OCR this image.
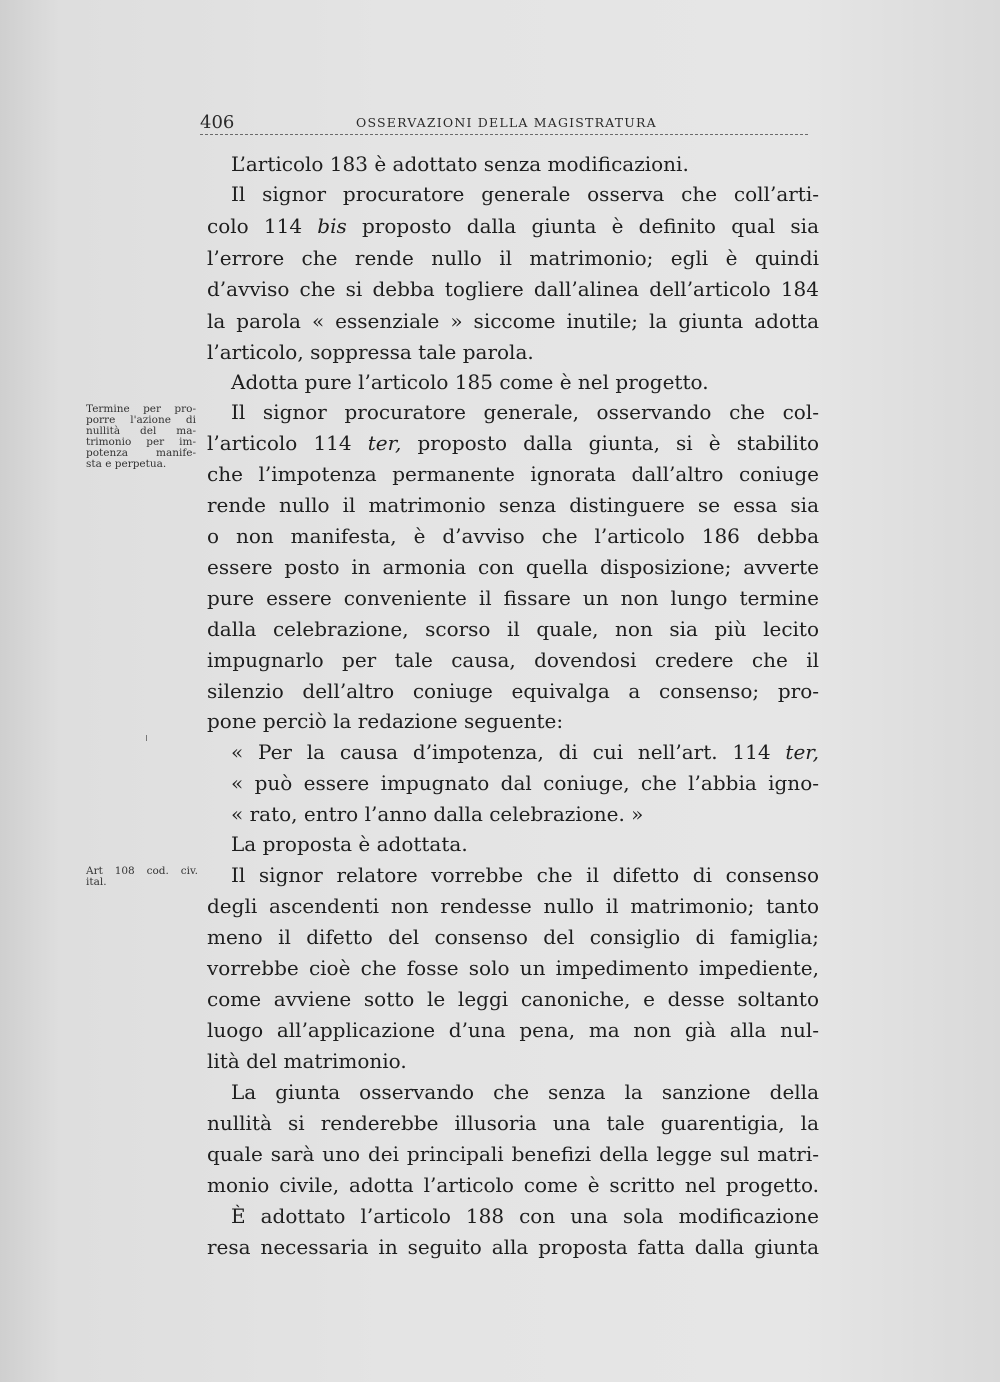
406	OSSERVAZIONI DELLA MAGISTRATURA
Termine per pro-
porre l'azione di
nullità del ma-
trimonio per im-
potenza manife-
sta e perpetua.
Art 108 cod. civ.
ital.
L’articolo 183 è adottato senza modificazioni.
Il signor procuratore generale osserva che coll’arti-
colo 114 bis proposto dalla giunta è definito qual sia
l’errore che rende nullo il matrimonio; egli è quindi
d’avviso che si debba togliere dall’alinea dell’articolo 184
la parola « essenziale » siccome inutile; la giunta adotta
l’articolo, soppressa tale parola.
Adotta pure l’articolo 185 come è nel progetto.
Il signor procuratore generale, osservando che col-
l’articolo 114 ter, proposto dalla giunta, si è stabilito
che l’impotenza permanente ignorata dall’altro coniuge
rende nullo il matrimonio senza distinguere se essa sia
o non manifesta, è d’avviso che l’articolo 186 debba
essere posto in armonia con quella disposizione; avverte
pure essere conveniente il fissare un non lungo termine
dalla celebrazione, scorso il quale, non sia più lecito
impugnarlo per tale causa, dovendosi credere che il
silenzio dell’altro coniuge equivalga a consenso; pro-
pone perciò la redazione seguente:
« Per la causa d’impotenza, di cui nell’art. 114 ter,
« può essere impugnato dal coniuge, che l’abbia igno-
« rato, entro l’anno dalla celebrazione. »
La proposta è adottata.
Il signor relatore vorrebbe che il difetto di consenso
degli ascendenti non rendesse nullo il matrimonio; tanto
meno il difetto del consenso del consiglio di famiglia;
vorrebbe cioè che fosse solo un impedimento impediente,
come avviene sotto le leggi canoniche, e desse soltanto
luogo all’applicazione d’una pena, ma non già alla nul-
lità del matrimonio.
La giunta osservando che senza la sanzione della
nullità si renderebbe illusoria una tale guarentigia, la
quale sarà uno dei principali benefizi della legge sul matri-
monio civile, adotta l’articolo come è scritto nel progetto.
È adottato l’articolo 188 con una sola modificazione
resa necessaria in seguito alla proposta fatta dalla giunta
